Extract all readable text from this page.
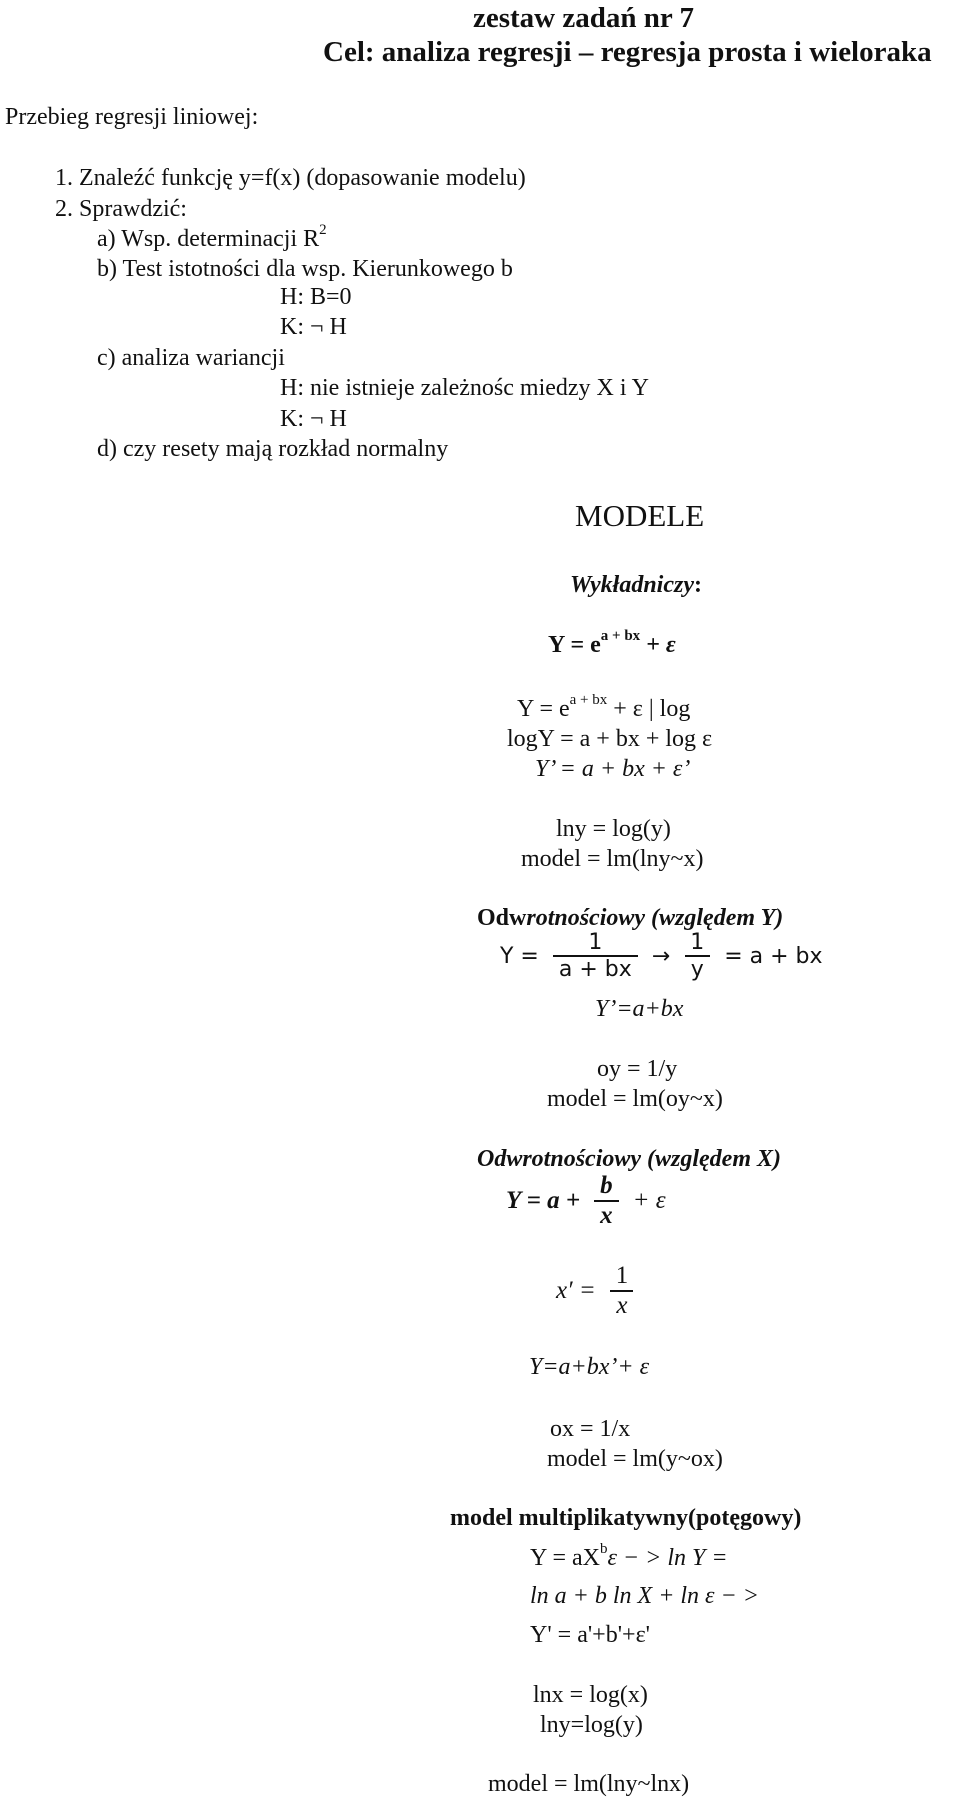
zestaw zadań nr 7
Cel: analiza regresji – regresja prosta i wieloraka
Przebieg regresji liniowej:
1. Znaleźć funkcję y=f(x) (dopasowanie modelu)
2. Sprawdzić:
a) Wsp. determinacji $R^2$
b) Test istotności dla wsp. Kierunkowego b
H: B=0
K: ¬ H
c) analiza wariancji
H: nie istnieje zależnośc miedzy X i Y
K: ¬ H
d) czy resety mają rozkład normalny
MODELE
Wykładniczy:
$Y = e^{a + bx} + \varepsilon$
$Y = e^{a + bx} + \varepsilon$ | log
logY = a + bx + log ε
Y’ = a + bx + ε’
lny = log(y)
model = lm(lny~x)
Odwrotnościowy (względem Y)
$Y = \frac{1}{a + bx} \to \frac{1}{y} = a$ + bx
Y’=a+bx
oy = 1/y
model = lm(oy~x)
Odwrotnościowy (względem X)
$Y = a + \frac{b}{x} + \varepsilon$
$x' = \frac{1}{x}$
Y=a+bx’+ ε
ox = 1/x
model = lm(y~ox)
model multiplikatywny(potęgowy)
$Y = aX^b\varepsilon$ − > ln Y =
ln a + b ln X + ln ε − >
Y' = a'+b'+ε'
lnx = log(x)
lny=log(y)
model = lm(lny~lnx)
